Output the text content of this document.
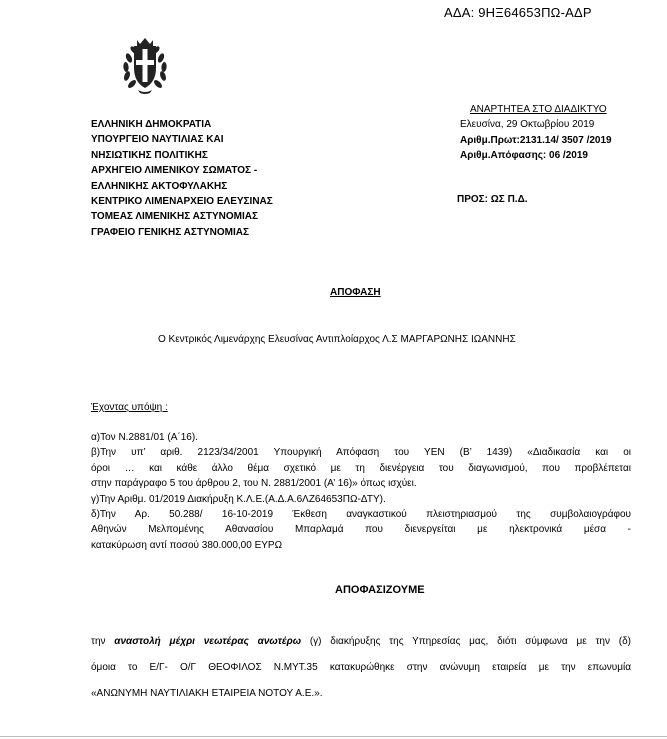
ΑΔΑ: 9ΗΞ64653ΠΩ-ΑΔΡ
ΕΛΛΗΝΙΚΗ ΔΗΜΟΚΡΑΤΙΑ
ΥΠΟΥΡΓΕΙΟ ΝΑΥΤΙΛΙΑΣ ΚΑΙ
ΝΗΣΙΩΤΙΚΗΣ ΠΟΛΙΤΙΚΗΣ
ΑΡΧΗΓΕΙΟ ΛΙΜΕΝΙΚΟΥ ΣΩΜΑΤΟΣ -
ΕΛΛΗΝΙΚΗΣ ΑΚΤΟΦΥΛΑΚΗΣ
ΚΕΝΤΡΙΚΟ ΛΙΜΕΝΑΡΧΕΙΟ ΕΛΕΥΣΙΝΑΣ
ΤΟΜΕΑΣ ΛΙΜΕΝΙΚΗΣ ΑΣΤΥΝΟΜΙΑΣ
ΓΡΑΦΕΙΟ ΓΕΝΙΚΗΣ ΑΣΤΥΝΟΜΙΑΣ
ΑΝΑΡΤΗΤΕΑ ΣΤΟ ΔΙΑΔΙΚΤΥΟ
Ελευσίνα, 29 Οκτωβρίου 2019
Αριθμ.Πρωτ:2131.14/ 3507 /2019
Αριθμ.Απόφασης: 06 /2019
ΠΡΟΣ: ΩΣ Π.Δ.
ΑΠΟΦΑΣΗ
Ο Κεντρικός Λιμενάρχης Ελευσίνας Αντιπλοίαρχος Λ.Σ ΜΑΡΓΑΡΩΝΗΣ ΙΩΑΝΝΗΣ
Έχοντας υπόψη :
α)Τον Ν.2881/01 (Α΄16).
β)Την υπ’ αριθ. 2123/34/2001 Υπουργική Απόφαση του ΥΕΝ (Β’ 1439) «Διαδικασία και οι
όροι … και κάθε άλλο θέμα σχετικό με τη διενέργεια του διαγωνισμού, που προβλέπεται
στην παράγραφο 5 του άρθρου 2, του Ν. 2881/2001 (Α’ 16)» όπως ισχύει.
γ)Την Αριθμ. 01/2019 Διακήρυξη Κ.Λ.Ε.(Α.Δ.Α.6ΛΖ64653ΠΩ-ΔΤΥ).
δ)Την Αρ. 50.288/ 16-10-2019 Έκθεση αναγκαστικού πλειστηριασμού της συμβολαιογράφου
Αθηνών Μελπομένης Αθανασίου Μπαρλαμά που διενεργείται με ηλεκτρονικά μέσα -
κατακύρωση αντί ποσού 380.000,00 ΕΥΡΩ
ΑΠΟΦΑΣΙΖΟΥΜΕ
την αναστολή μέχρι νεωτέρας ανωτέρω (γ) διακήρυξης της Υπηρεσίας μας, διότι σύμφωνα με την (δ)
όμοια το Ε/Γ- Ο/Γ ΘΕΟΦΙΛΟΣ Ν.ΜΥΤ.35 κατακυρώθηκε στην ανώνυμη εταιρεία με την επωνυμία
«ΑΝΩΝΥΜΗ ΝΑΥΤΙΛΙΑΚΗ ΕΤΑΙΡΕΙΑ ΝΟΤΟΥ Α.Ε.».
